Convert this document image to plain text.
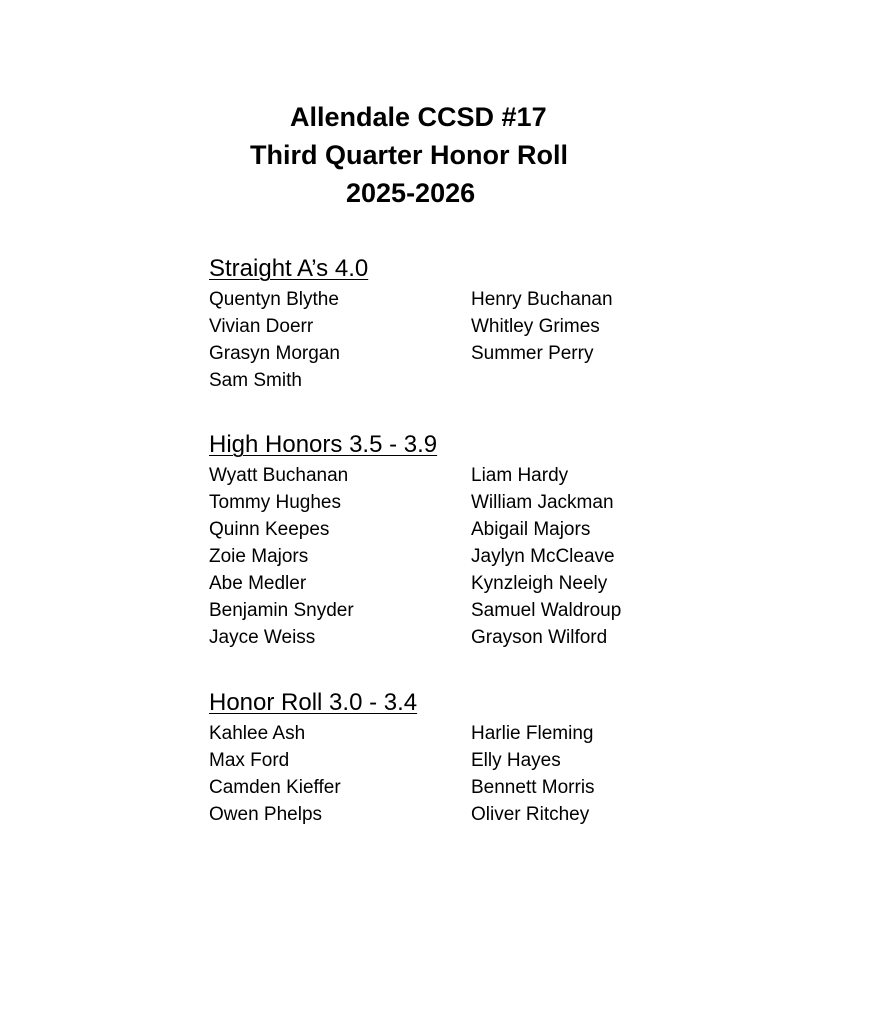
Allendale CCSD #17
Third Quarter Honor Roll
2025-2026
Straight A’s 4.0
Quentyn Blythe	Henry Buchanan
Vivian Doerr	Whitley Grimes
Grasyn Morgan	Summer Perry
Sam Smith
High Honors 3.5 - 3.9
Wyatt Buchanan	Liam Hardy
Tommy Hughes	William Jackman
Quinn Keepes	Abigail Majors
Zoie Majors	Jaylyn McCleave
Abe Medler	Kynzleigh Neely
Benjamin Snyder	Samuel Waldroup
Jayce Weiss	Grayson Wilford
Honor Roll 3.0 - 3.4
Kahlee Ash	Harlie Fleming
Max Ford	Elly Hayes
Camden Kieffer	Bennett Morris
Owen Phelps	Oliver Ritchey
